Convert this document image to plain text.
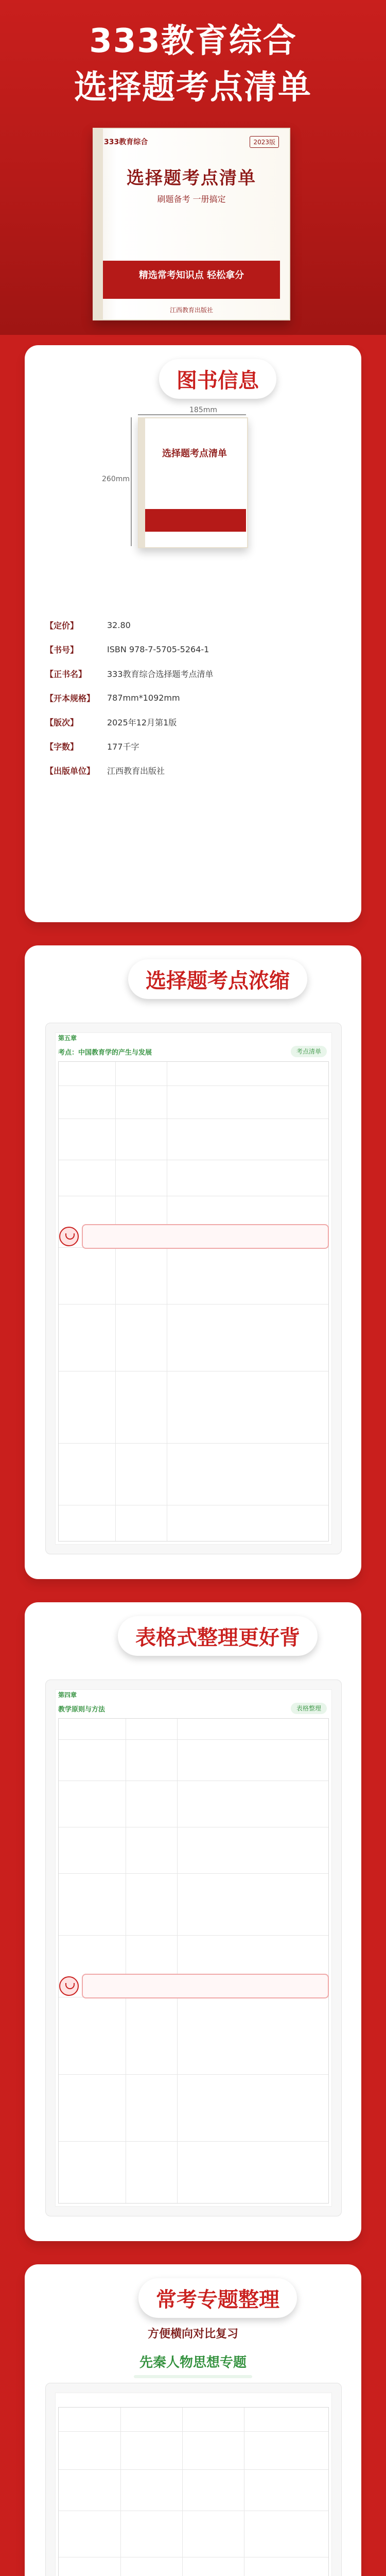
333教育综合
选择题考点清单
333教育综合	2023版
选择题考点清单
刷题备考 一册搞定
精选常考知识点 轻松拿分
江西教育出版社
图书信息
185mm
260mm
选择题考点清单
【定价】	32.80
【书号】	ISBN 978-7-5705-5264-1
【正书名】	333教育综合选择题考点清单
【开本规格】	787mm*1092mm
【版次】	2025年12月第1版
【字数】	177千字
【出版单位】	江西教育出版社
选择题考点浓缩
第五章
考点：中国教育学的产生与发展	考点清单
表格式整理更好背
第四章
教学原则与方法	表格整理
常考专题整理
方便横向对比复习
先秦人物思想专题
